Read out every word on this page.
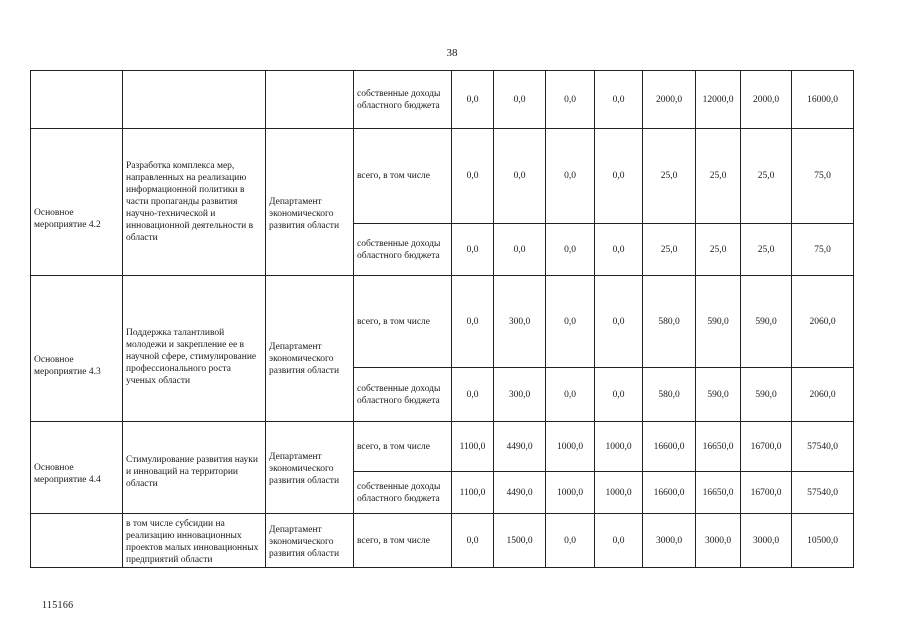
38
			собственные доходы областного бюджета	0,0	0,0	0,0	0,0	2000,0	12000,0	2000,0	16000,0
Основное мероприятие 4.2	Разработка комплекса мер, направленных на реализацию информационной политики в части пропаганды развития научно-технической и инновационной деятельности в области	Департамент экономического развития области	всего, в том числе	0,0	0,0	0,0	0,0	25,0	25,0	25,0	75,0
			собственные доходы областного бюджета	0,0	0,0	0,0	0,0	25,0	25,0	25,0	75,0
Основное мероприятие 4.3	Поддержка талантливой молодежи и закрепление ее в научной сфере, стимулирование профессионального роста ученых области	Департамент экономического развития области	всего, в том числе	0,0	300,0	0,0	0,0	580,0	590,0	590,0	2060,0
			собственные доходы областного бюджета	0,0	300,0	0,0	0,0	580,0	590,0	590,0	2060,0
Основное мероприятие 4.4	Стимулирование развития науки и инноваций на территории области	Департамент экономического развития области	всего, в том числе	1100,0	4490,0	1000,0	1000,0	16600,0	16650,0	16700,0	57540,0
			собственные доходы областного бюджета	1100,0	4490,0	1000,0	1000,0	16600,0	16650,0	16700,0	57540,0
	в том числе субсидии на реализацию инновационных проектов малых инновационных предприятий области	Департамент экономического развития области	всего, в том числе	0,0	1500,0	0,0	0,0	3000,0	3000,0	3000,0	10500,0
115166
